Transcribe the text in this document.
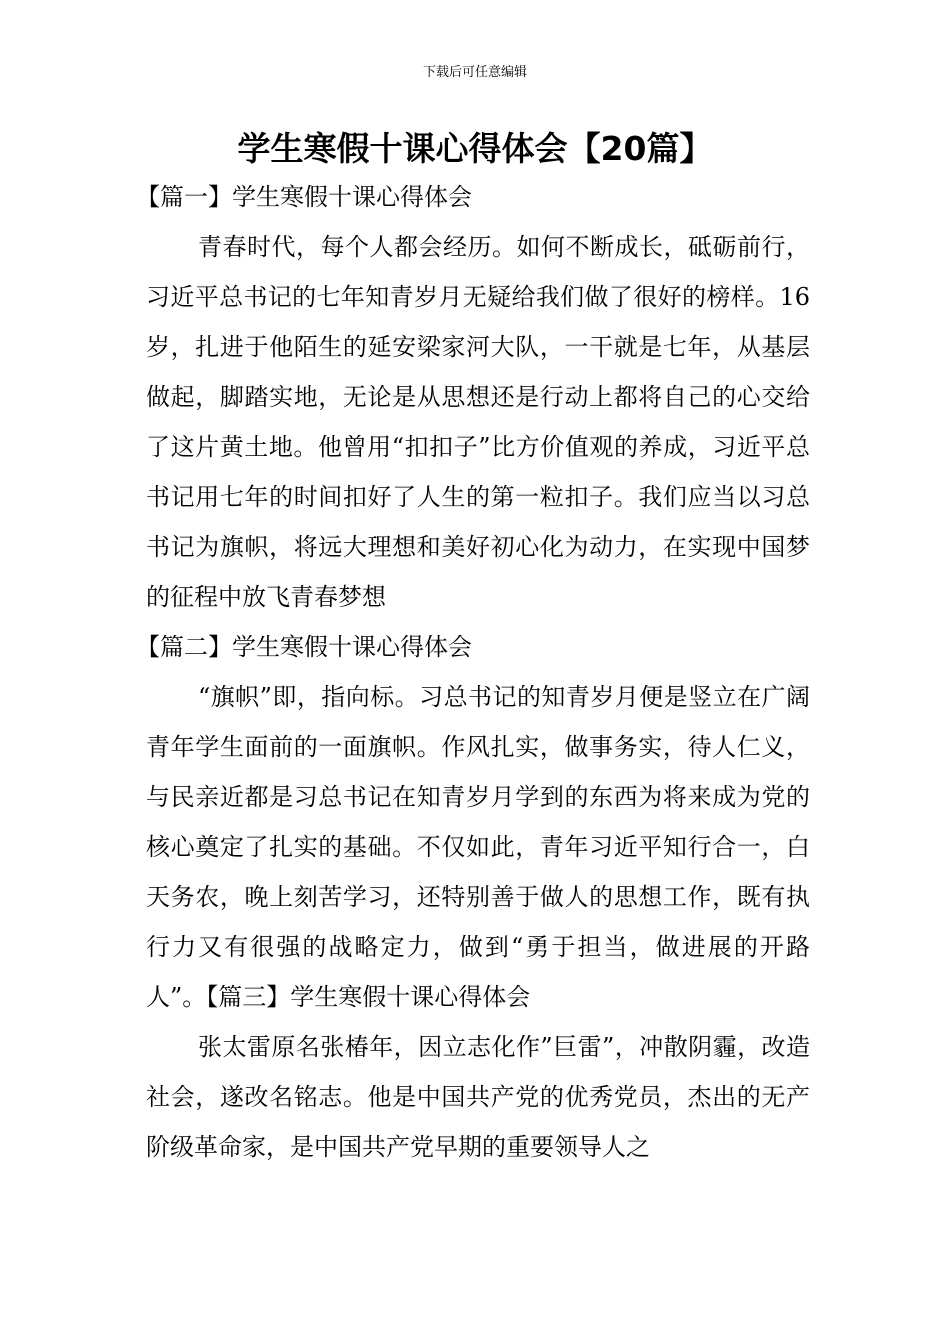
下载后可任意编辑
学生寒假十课心得体会【20篇】

【篇一】学生寒假十课心得体会

青春时代，每个人都会经历。如何不断成长，砥砺前行，习近平总书记的七年知青岁月无疑给我们做了很好的榜样。16岁，扎进于他陌生的延安梁家河大队，一干就是七年，从基层做起，脚踏实地，无论是从思想还是行动上都将自己的心交给了这片黄土地。他曾用“扣扣子”比方价值观的养成，习近平总书记用七年的时间扣好了人生的第一粒扣子。我们应当以习总书记为旗帜，将远大理想和美好初心化为动力，在实现中国梦的征程中放飞青春梦想

【篇二】学生寒假十课心得体会

“旗帜”即，指向标。习总书记的知青岁月便是竖立在广阔青年学生面前的一面旗帜。作风扎实，做事务实，待人仁义，与民亲近都是习总书记在知青岁月学到的东西为将来成为党的核心奠定了扎实的基础。不仅如此，青年习近平知行合一，白天务农，晚上刻苦学习，还特别善于做人的思想工作，既有执行力又有很强的战略定力，做到“勇于担当，做进展的开路人”。【篇三】学生寒假十课心得体会

张太雷原名张椿年，因立志化作”巨雷”，冲散阴霾，改造社会，遂改名铭志。他是中国共产党的优秀党员，杰出的无产阶级革命家，是中国共产党早期的重要领导人之
